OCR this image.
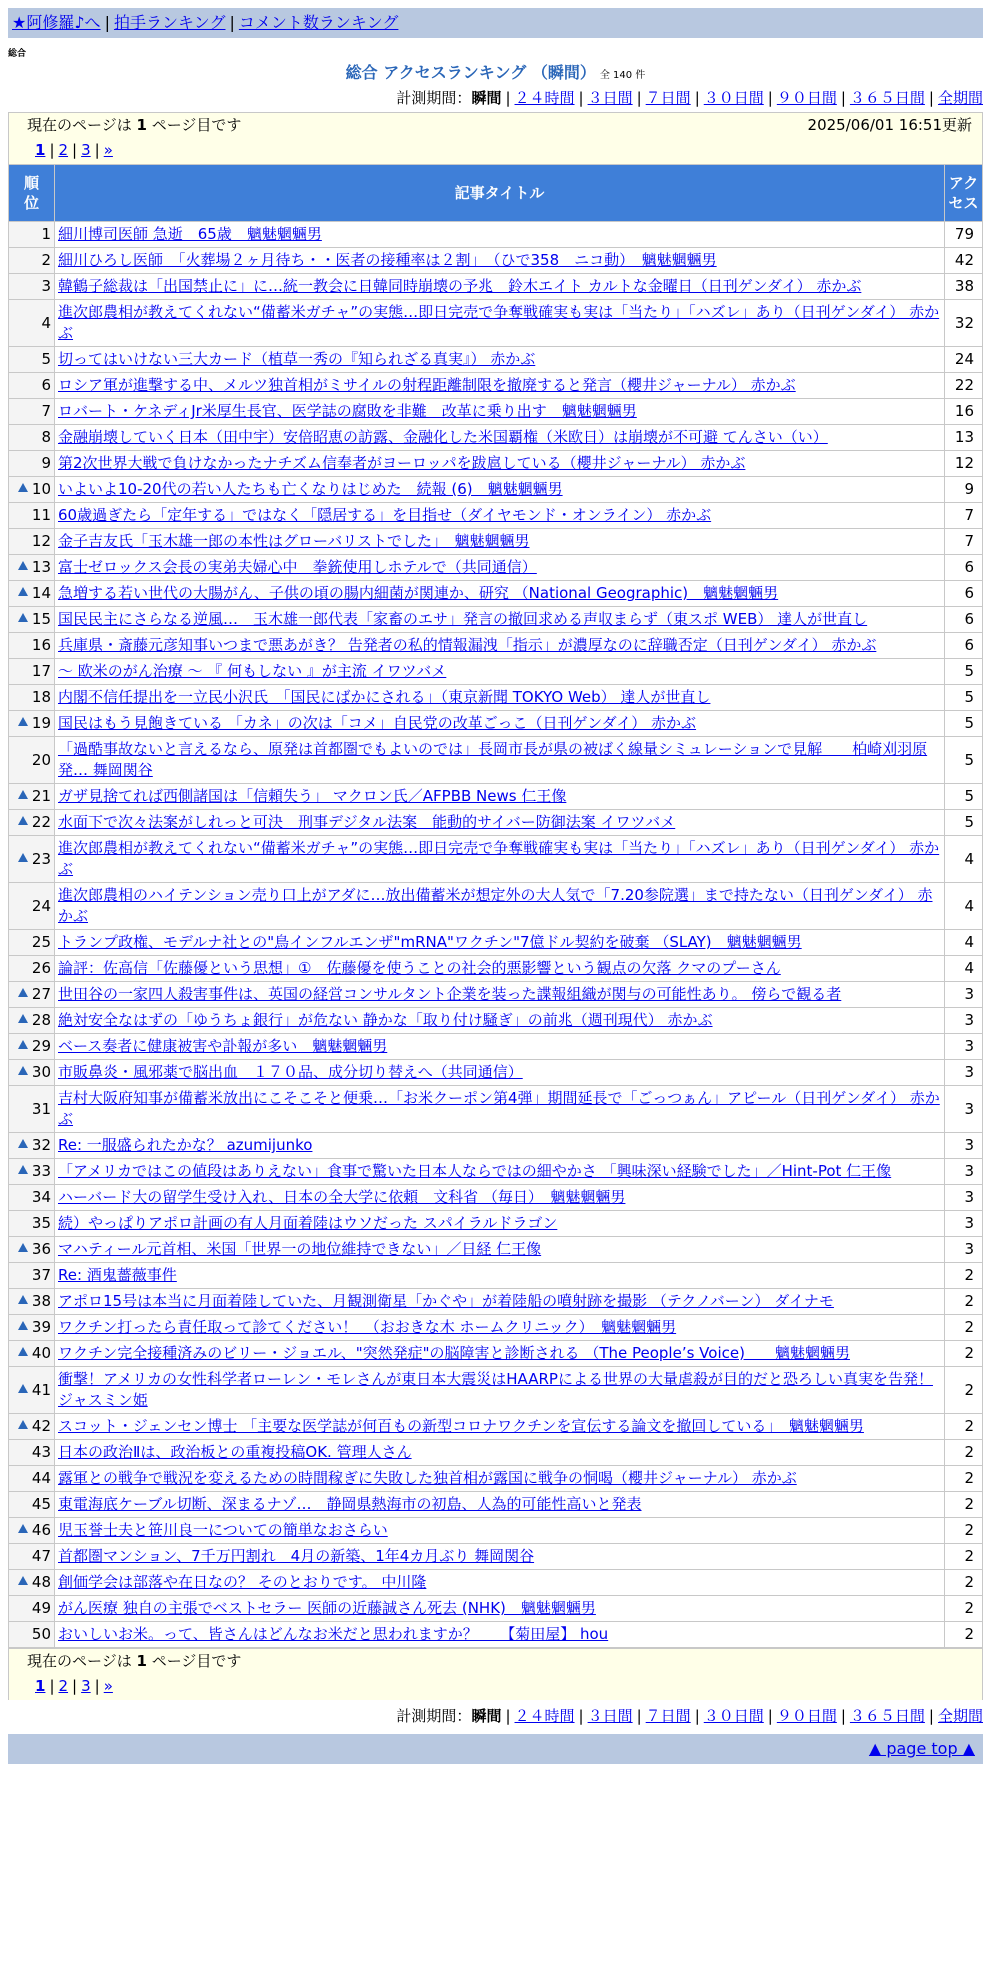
★阿修羅♪へ | 拍手ランキング | コメント数ランキング
総合
総合 アクセスランキング （瞬間） 全 140 件
計測期間：瞬間 | ２４時間 | ３日間 | ７日間 | ３０日間 | ９０日間 | ３６５日間 | 全期間
現在のページは 1 ページ目です	2025/06/01 16:51更新
1 | 2 | 3 | »
順位	記事タイトル	アクセス

1	細川博司医師 急逝　65歳　魑魅魍魎男	79
2	細川ひろし医師　「火葬場２ヶ月待ち・・医者の接種率は２割」　（ひで358　ニコ動）　魑魅魍魎男	42
3	韓鶴子総裁は「出国禁止に」に…統一教会に日韓同時崩壊の予兆　鈴木エイト カルトな金曜日（日刊ゲンダイ） 赤かぶ	38
4	進次郎農相が教えてくれない“備蓄米ガチャ”の実態…即日完売で争奪戦確実も実は「当たり」「ハズレ」あり（日刊ゲンダイ） 赤かぶ	32
5	切ってはいけない三大カード（植草一秀の『知られざる真実』） 赤かぶ	24
6	ロシア軍が進撃する中、メルツ独首相がミサイルの射程距離制限を撤廃すると発言（櫻井ジャーナル） 赤かぶ	22
7	ロバート・ケネディJr米厚生長官、医学誌の腐敗を非難　改革に乗り出す　魑魅魍魎男	16
8	金融崩壊していく日本（田中宇）安倍昭恵の訪露、金融化した米国覇権（米欧日）は崩壊が不可避 てんさい（い）	13
9	第2次世界大戦で負けなかったナチズム信奉者がヨーロッパを跋扈している（櫻井ジャーナル） 赤かぶ	12
10	いよいよ10-20代の若い人たちも亡くなりはじめた　続報 (6)　魑魅魍魎男	9
11	60歳過ぎたら「定年する」ではなく「隠居する」を目指せ（ダイヤモンド・オンライン） 赤かぶ	7
12	金子吉友氏「玉木雄一郎の本性はグローバリストでした」　魑魅魍魎男	7
13	富士ゼロックス会長の実弟夫婦心中　拳銃使用しホテルで（共同通信）	6
14	急増する若い世代の大腸がん、子供の頃の腸内細菌が関連か、研究 （National Geographic)　魑魅魍魎男	6
15	国民民主にさらなる逆風…　玉木雄一郎代表「家畜のエサ」発言の撤回求める声収まらず（東スポ WEB） 達人が世直し	6
16	兵庫県・斎藤元彦知事いつまで悪あがき？ 告発者の私的情報漏洩「指示」が濃厚なのに辞職否定（日刊ゲンダイ） 赤かぶ	6
17	〜 欧米のがん治療 〜 『 何もしない 』が主流 イワツバメ	5
18	内閣不信任提出を一立民小沢氏　「国民にばかにされる」（東京新聞 TOKYO Web） 達人が世直し	5
19	国民はもう見飽きている 「カネ」の次は「コメ」自民党の改革ごっこ（日刊ゲンダイ） 赤かぶ	5
20	「過酷事故ないと言えるなら、原発は首都圏でもよいのでは」長岡市長が県の被ばく線量シミュレーションで見解　　柏崎刈羽原発… 舞岡関谷	5
21	ガザ見捨てれば西側諸国は「信頼失う」 マクロン氏／AFPBB News 仁王像	5
22	水面下で次々法案がしれっと可決　刑事デジタル法案　能動的サイバー防御法案 イワツバメ	5
23	進次郎農相が教えてくれない“備蓄米ガチャ”の実態…即日完売で争奪戦確実も実は「当たり」「ハズレ」あり（日刊ゲンダイ） 赤かぶ	4
24	進次郎農相のハイテンション売り口上がアダに…放出備蓄米が想定外の大人気で「7.20参院選」まで持たない（日刊ゲンダイ） 赤かぶ	4
25	トランプ政権、モデルナ社との"鳥インフルエンザ"mRNA"ワクチン"7億ドル契約を破棄 （SLAY)　魑魅魍魎男	4
26	論評：佐高信「佐藤優という思想」①　佐藤優を使うことの社会的悪影響という観点の欠落 クマのプーさん	4
27	世田谷の一家四人殺害事件は、英国の経営コンサルタント企業を装った諜報組織が関与の可能性あり。 傍らで観る者	3
28	絶対安全なはずの「ゆうちょ銀行」が危ない 静かな「取り付け騒ぎ」の前兆（週刊現代） 赤かぶ	3
29	ベース奏者に健康被害や訃報が多い　魑魅魍魎男	3
30	市販鼻炎・風邪薬で脳出血　１７０品、成分切り替えへ（共同通信）	3
31	吉村大阪府知事が備蓄米放出にこそこそと便乗…「お米クーポン第4弾」期間延長で「ごっつぁん」アピール（日刊ゲンダイ） 赤かぶ	3
32	Re: 一服盛られたかな？ azumijunko	3
33	「アメリカではこの値段はありえない」食事で驚いた日本人ならではの細やかさ 「興味深い経験でした」／Hint-Pot 仁王像	3
34	ハーバード大の留学生受け入れ、日本の全大学に依頼　文科省 （毎日）　魑魅魍魎男	3
35	続）やっぱりアポロ計画の有人月面着陸はウソだった スパイラルドラゴン	3
36	マハティール元首相、米国「世界一の地位維持できない」／日経 仁王像	3
37	Re: 酒鬼薔薇事件	2
38	アポロ15号は本当に月面着陸していた、月観測衛星「かぐや」が着陸船の噴射跡を撮影 （テクノバーン） ダイナモ	2
39	ワクチン打ったら責任取って診てください！　（おおきな木 ホームクリニック）　魑魅魍魎男	2
40	ワクチン完全接種済みのビリー・ジョエル、"突然発症"の脳障害と診断される （The People’s Voice)　　魑魅魍魎男	2
41	衝撃！アメリカの女性科学者ローレン・モレさんが東日本大震災はHAARPによる世界の大量虐殺が目的だと恐ろしい真実を告発！ ジャスミン姫	2
42	スコット・ジェンセン博士 「主要な医学誌が何百もの新型コロナワクチンを宣伝する論文を撤回している」　魑魅魍魎男	2
43	日本の政治Ⅱは、政治板との重複投稿OK. 管理人さん	2
44	露軍との戦争で戦況を変えるための時間稼ぎに失敗した独首相が露国に戦争の恫喝（櫻井ジャーナル） 赤かぶ	2
45	東電海底ケーブル切断、深まるナゾ…　静岡県熱海市の初島、人為的可能性高いと発表	2
46	児玉誉士夫と笹川良一についての簡単なおさらい	2
47	首都圏マンション、7千万円割れ　4月の新築、1年4カ月ぶり 舞岡関谷	2
48	創価学会は部落や在日なの？ そのとおりです。 中川隆	2
49	がん医療 独自の主張でベストセラー 医師の近藤誠さん死去 (NHK)　魑魅魍魎男	2
50	おいしいお米。って、皆さんはどんなお米だと思われますか？　　【菊田屋】 hou	2
現在のページは 1 ページ目です
1 | 2 | 3 | »
計測期間：瞬間 | ２４時間 | ３日間 | ７日間 | ３０日間 | ９０日間 | ３６５日間 | 全期間
▲ page top ▲
